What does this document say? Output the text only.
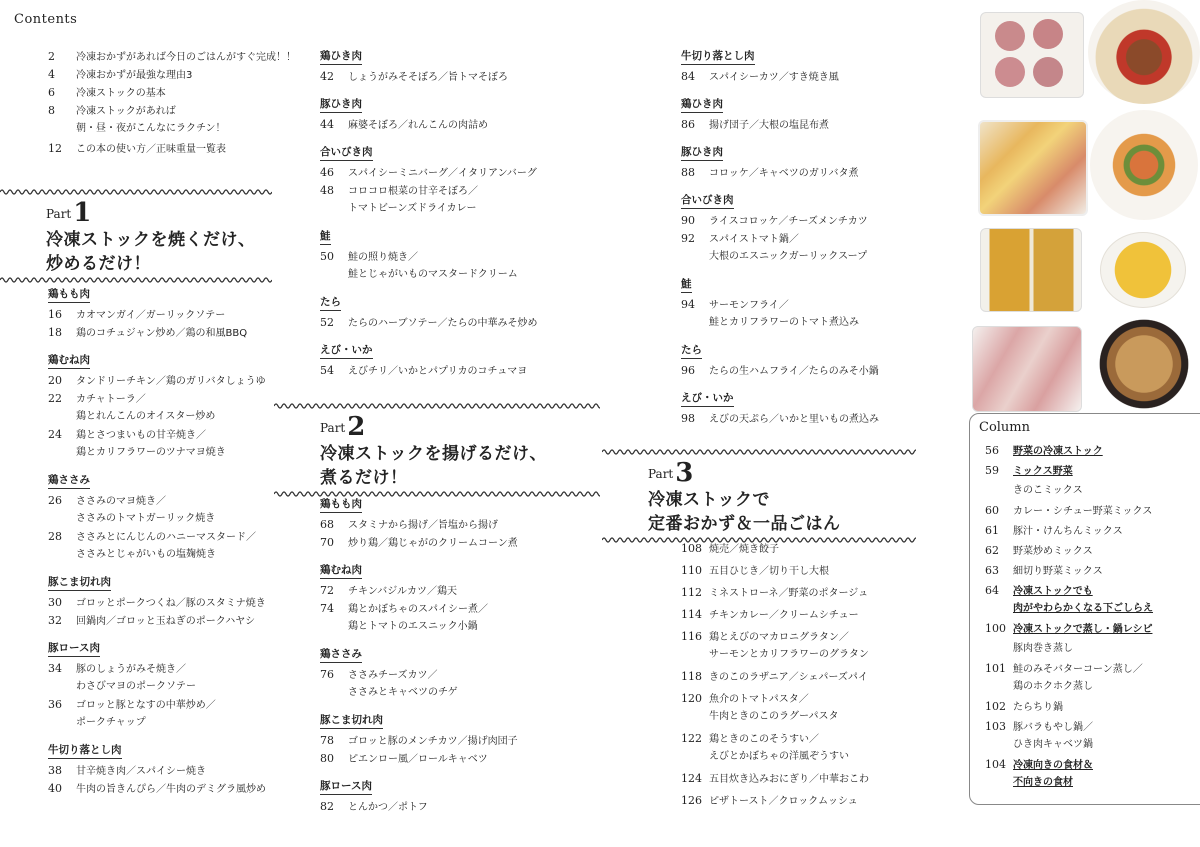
Contents
2 冷凍おかずがあれば今日のごはんがすぐ完成！！
4 冷凍おかずが最強な理由3
6 冷凍ストックの基本
8 冷凍ストックがあれば
朝・昼・夜がこんなにラクチン！
12 この本の使い方／正味重量一覧表
Part1
冷凍ストックを焼くだけ、
炒めるだけ！
鶏もも肉
16 カオマンガイ／ガーリックソテー
18 鶏のコチュジャン炒め／鶏の和風BBQ
鶏むね肉
20 タンドリーチキン／鶏のガリバタしょうゆ
22 カチャトーラ／
鶏とれんこんのオイスター炒め
24 鶏とさつまいもの甘辛焼き／
鶏とカリフラワーのツナマヨ焼き
鶏ささみ
26 ささみのマヨ焼き／
ささみのトマトガーリック焼き
28 ささみとにんじんのハニーマスタード／
ささみとじゃがいもの塩麹焼き
豚こま切れ肉
30 ゴロッとポークつくね／豚のスタミナ焼き
32 回鍋肉／ゴロッと玉ねぎのポークハヤシ
豚ロース肉
34 豚のしょうがみそ焼き／
わさびマヨのポークソテー
36 ゴロッと豚となすの中華炒め／
ポークチャップ
牛切り落とし肉
38 甘辛焼き肉／スパイシー焼き
40 牛肉の旨きんぴら／牛肉のデミグラ風炒め
鶏ひき肉
42 しょうがみそそぼろ／旨トマそぼろ
豚ひき肉
44 麻婆そぼろ／れんこんの肉詰め
合いびき肉
46 スパイシーミニバーグ／イタリアンバーグ
48 コロコロ根菜の甘辛そぼろ／
トマトビーンズドライカレー
鮭
50 鮭の照り焼き／
鮭とじゃがいものマスタードクリーム
たら
52 たらのハーブソテー／たらの中華みそ炒め
えび・いか
54 えびチリ／いかとパプリカのコチュマヨ
Part2
冷凍ストックを揚げるだけ、
煮るだけ！
鶏もも肉
68 スタミナから揚げ／旨塩から揚げ
70 炒り鶏／鶏じゃがのクリームコーン煮
鶏むね肉
72 チキンバジルカツ／鶏天
74 鶏とかぼちゃのスパイシー煮／
鶏とトマトのエスニック小鍋
鶏ささみ
76 ささみチーズカツ／
ささみとキャベツのチゲ
豚こま切れ肉
78 ゴロッと豚のメンチカツ／揚げ肉団子
80 ピエンロー風／ロールキャベツ
豚ロース肉
82 とんかつ／ポトフ
牛切り落とし肉
84 スパイシーカツ／すき焼き風
鶏ひき肉
86 揚げ団子／大根の塩昆布煮
豚ひき肉
88 コロッケ／キャベツのガリバタ煮
合いびき肉
90 ライスコロッケ／チーズメンチカツ
92 スパイストマト鍋／
大根のエスニックガーリックスープ
鮭
94 サーモンフライ／
鮭とカリフラワーのトマト煮込み
たら
96 たらの生ハムフライ／たらのみそ小鍋
えび・いか
98 えびの天ぷら／いかと里いもの煮込み
Part3
冷凍ストックで
定番おかず＆一品ごはん
108 焼売／焼き餃子
110 五目ひじき／切り干し大根
112 ミネストローネ／野菜のポタージュ
114 チキンカレー／クリームシチュー
116 鶏とえびのマカロニグラタン／
サーモンとカリフラワーのグラタン
118 きのこのラザニア／シェパーズパイ
120 魚介のトマトパスタ／
牛肉ときのこのラグーパスタ
122 鶏ときのこのそうすい／
えびとかぼちゃの洋風ぞうすい
124 五目炊き込みおにぎり／中華おこわ
126 ピザトースト／クロックムッシュ
56 野菜の冷凍ストック
59 ミックス野菜
きのこミックス
60 カレー・シチュー野菜ミックス
61 豚汁・けんちんミックス
62 野菜炒めミックス
63 細切り野菜ミックス
64 冷凍ストックでも
肉がやわらかくなる下ごしらえ
100 冷凍ストックで蒸し・鍋レシピ
豚肉巻き蒸し
101 鮭のみそバターコーン蒸し／
鶏のホクホク蒸し
102 たらちり鍋
103 豚バラもやし鍋／
ひき肉キャベツ鍋
104 冷凍向きの食材＆
不向きの食材
Column
